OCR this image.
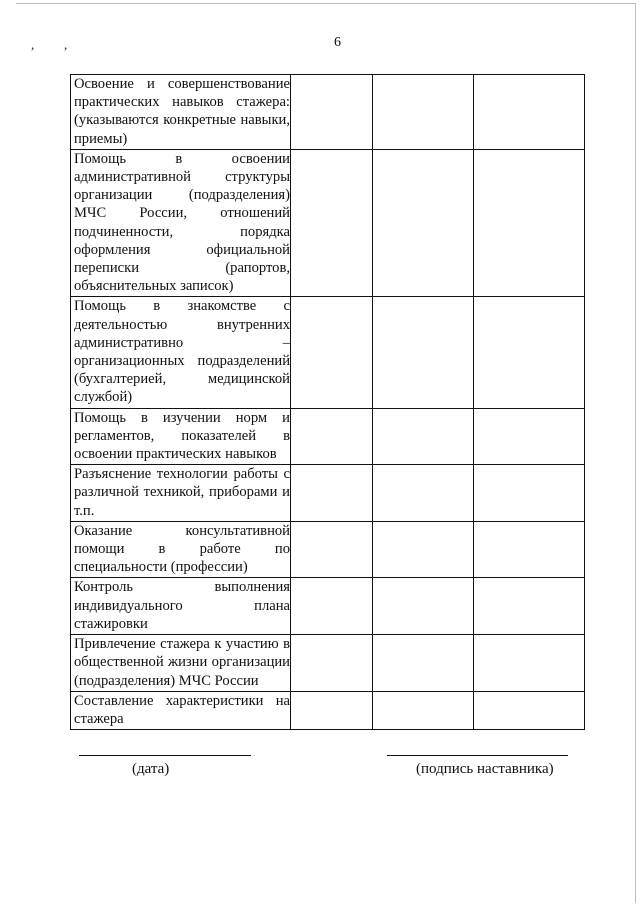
, ,	6
Освоение и совершенствование практических навыков стажера: (указываются конкретные навыки, приемы)			

Помощь в освоении административной структуры организации (подразделения) МЧС России, отношений подчиненности, порядка оформления официальной переписки (рапортов, объяснительных записок)			

Помощь в знакомстве с деятельностью внутренних административно – организационных подразделений (бухгалтерией, медицинской службой)			

Помощь в изучении норм и регламентов, показателей в освоении практических навыков			

Разъяснение технологии работы с различной техникой, приборами и т.п.			

Оказание консультативной помощи в работе по специальности (профессии)			

Контроль выполнения индивидуального плана стажировки			

Привлечение стажера к участию в общественной жизни организации (подразделения) МЧС России			

Составление характеристики на стажера			

(дата)	(подпись наставника)
